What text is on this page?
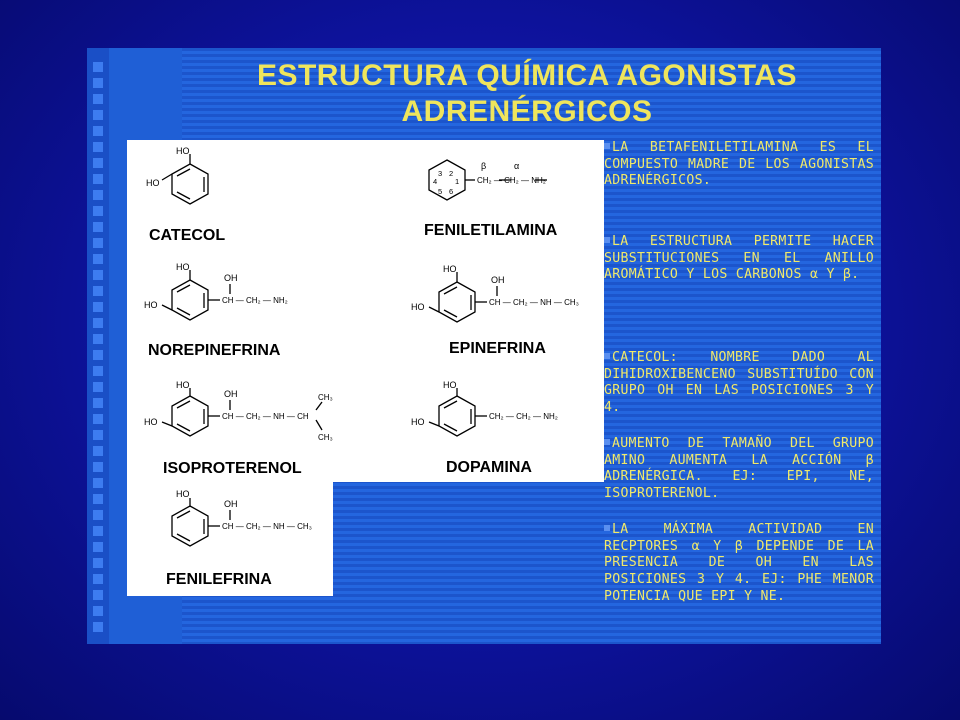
ESTRUCTURA QUÍMICA AGONISTAS
ADRENÉRGICOS
HO
HO
CATECOL
3 2
1
4
5 6
β	α
CH₂ — CH₂ — NH₂
FENILETILAMINA
HO
HO
OH
CH — CH₂ — NH₂
NOREPINEFRINA
HO
HO
OH
CH — CH₂ — NH — CH₃
EPINEFRINA
HO
HO
OH
CH — CH₂ — NH — CH
CH₃
CH₃
ISOPROTERENOL
HO
HO
CH₂ — CH₂ — NH₂
DOPAMINA
HO
OH
CH — CH₂ — NH — CH₃
FENILEFRINA
LA BETAFENILETILAMINA ES EL COMPUESTO MADRE DE LOS AGONISTAS ADRENÉRGICOS.
LA ESTRUCTURA PERMITE HACER SUBSTITUCIONES EN EL ANILLO AROMÁTICO Y LOS CARBONOS α Y β.
CATECOL: NOMBRE DADO AL DIHIDROXIBENCENO SUBSTITUÍDO CON GRUPO OH EN LAS POSICIONES 3 Y 4.
AUMENTO DE TAMAÑO DEL GRUPO AMINO AUMENTA LA ACCIÓN β ADRENÉRGICA. EJ: EPI, NE, ISOPROTERENOL.
LA MÁXIMA ACTIVIDAD EN RECPTORES α Y β DEPENDE DE LA PRESENCIA DE OH EN LAS POSICIONES 3 Y 4. EJ: PHE MENOR POTENCIA QUE EPI Y NE.
